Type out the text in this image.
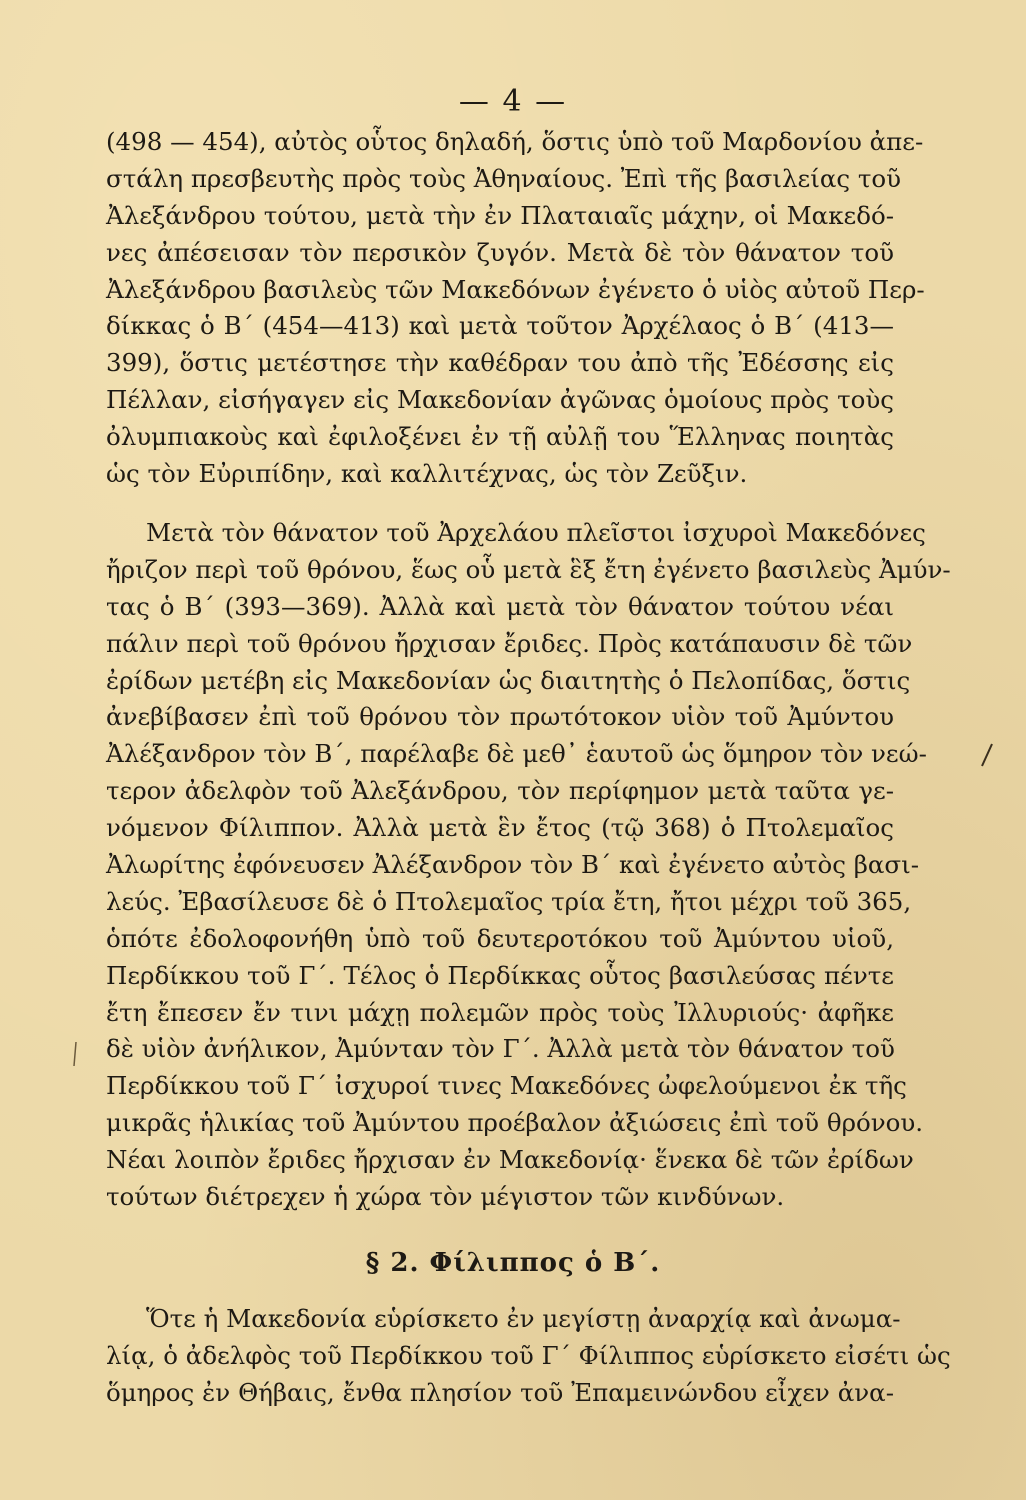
— 4 —
(498 — 454), αὐτὸς οὗτος δηλαδή, ὅστις ὑπὸ τοῦ Μαρδονίου ἀπε-
στάλη πρεσβευτὴς πρὸς τοὺς Ἀθηναίους. Ἐπὶ τῆς βασιλείας τοῦ
Ἀλεξάνδρου τούτου, μετὰ τὴν ἐν Πλαταιαῖς μάχην, οἱ Μακεδό-
νες ἀπέσεισαν τὸν περσικὸν ζυγόν. Μετὰ δὲ τὸν θάνατον τοῦ
Ἀλεξάνδρου βασιλεὺς τῶν Μακεδόνων ἐγένετο ὁ υἱὸς αὐτοῦ Περ-
δίκκας ὁ Β΄ (454—413) καὶ μετὰ τοῦτον Ἀρχέλαος ὁ Β΄ (413—
399), ὅστις μετέστησε τὴν καθέδραν του ἀπὸ τῆς Ἐδέσσης εἰς
Πέλλαν, εἰσήγαγεν εἰς Μακεδονίαν ἀγῶνας ὁμοίους πρὸς τοὺς
ὀλυμπιακοὺς καὶ ἐφιλοξένει ἐν τῇ αὐλῇ του Ἕλληνας ποιητὰς
ὡς τὸν Εὐριπίδην, καὶ καλλιτέχνας, ὡς τὸν Ζεῦξιν.
Μετὰ τὸν θάνατον τοῦ Ἀρχελάου πλεῖστοι ἰσχυροὶ Μακεδόνες
ἤριζον περὶ τοῦ θρόνου, ἕως οὗ μετὰ ἓξ ἔτη ἐγένετο βασιλεὺς Ἀμύν-
τας ὁ Β΄ (393—369). Ἀλλὰ καὶ μετὰ τὸν θάνατον τούτου νέαι
πάλιν περὶ τοῦ θρόνου ἤρχισαν ἔριδες. Πρὸς κατάπαυσιν δὲ τῶν
ἐρίδων μετέβη εἰς Μακεδονίαν ὡς διαιτητὴς ὁ Πελοπίδας, ὅστις
ἀνεβίβασεν ἐπὶ τοῦ θρόνου τὸν πρωτότοκον υἱὸν τοῦ Ἀμύντου
Ἀλέξανδρον τὸν Β΄, παρέλαβε δὲ μεθ᾿ ἑαυτοῦ ὡς ὅμηρον τὸν νεώ-
τερον ἀδελφὸν τοῦ Ἀλεξάνδρου, τὸν περίφημον μετὰ ταῦτα γε-
νόμενον Φίλιππον. Ἀλλὰ μετὰ ἓν ἔτος (τῷ 368) ὁ Πτολεμαῖος
Ἀλωρίτης ἐφόνευσεν Ἀλέξανδρον τὸν Β΄ καὶ ἐγένετο αὐτὸς βασι-
λεύς. Ἐβασίλευσε δὲ ὁ Πτολεμαῖος τρία ἔτη, ἤτοι μέχρι τοῦ 365,
ὁπότε ἐδολοφονήθη ὑπὸ τοῦ δευτεροτόκου τοῦ Ἀμύντου υἱοῦ,
Περδίκκου τοῦ Γ΄. Τέλος ὁ Περδίκκας οὗτος βασιλεύσας πέντε
ἔτη ἔπεσεν ἔν τινι μάχῃ πολεμῶν πρὸς τοὺς Ἰλλυριούς· ἀφῆκε
δὲ υἱὸν ἀνήλικον, Ἀμύνταν τὸν Γ΄. Ἀλλὰ μετὰ τὸν θάνατον τοῦ
Περδίκκου τοῦ Γ΄ ἰσχυροί τινες Μακεδόνες ὠφελούμενοι ἐκ τῆς
μικρᾶς ἡλικίας τοῦ Ἀμύντου προέβαλον ἀξιώσεις ἐπὶ τοῦ θρόνου.
Νέαι λοιπὸν ἔριδες ἤρχισαν ἐν Μακεδονίᾳ· ἕνεκα δὲ τῶν ἐρίδων
τούτων διέτρεχεν ἡ χώρα τὸν μέγιστον τῶν κινδύνων.
§ 2. Φίλιππος ὁ Β΄.
Ὅτε ἡ Μακεδονία εὑρίσκετο ἐν μεγίστῃ ἀναρχίᾳ καὶ ἀνωμα-
λίᾳ, ὁ ἀδελφὸς τοῦ Περδίκκου τοῦ Γ΄ Φίλιππος εὑρίσκετο εἰσέτι ὡς
ὅμηρος ἐν Θήβαις, ἔνθα πλησίον τοῦ Ἐπαμεινώνδου εἶχεν ἀνα-
